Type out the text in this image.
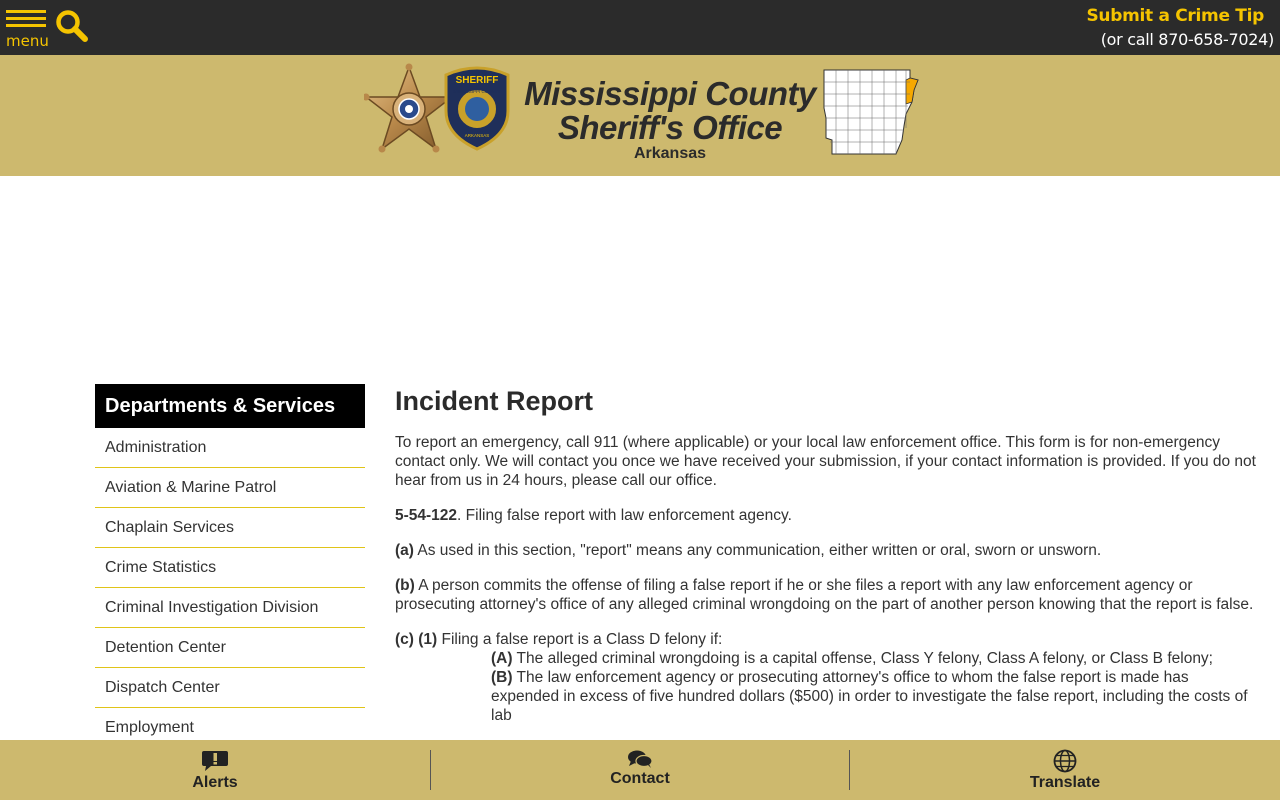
menu
Submit a Crime Tip
(or call 870-658-7024)
SHERIFF
MISSISSIPPI COUNTY
ARKANSAS
Mississippi County
Sheriff's Office
Arkansas
Departments & Services
Administration
Aviation & Marine Patrol
Chaplain Services
Crime Statistics
Criminal Investigation Division
Detention Center
Dispatch Center
Employment
Incident Report

To report an emergency, call 911 (where applicable) or your local law enforcement office. This form is for non-emergency contact only. We will contact you once we have received your submission, if your contact information is provided. If you do not hear from us in 24 hours, please call our office.

5-54-122. Filing false report with law enforcement agency.

(a) As used in this section, "report" means any communication, either written or oral, sworn or unsworn.

(b) A person commits the offense of filing a false report if he or she files a report with any law enforcement agency or prosecuting attorney's office of any alleged criminal wrongdoing on the part of another person knowing that the report is false.

(c) (1) Filing a false report is a Class D felony if:
(A) The alleged criminal wrongdoing is a capital offense, Class Y felony, Class A felony, or Class B felony;
(B) The law enforcement agency or prosecuting attorney's office to whom the false report is made has expended in excess of five hundred dollars ($500) in order to investigate the false report, including the costs of lab
Alerts	Contact	Translate
